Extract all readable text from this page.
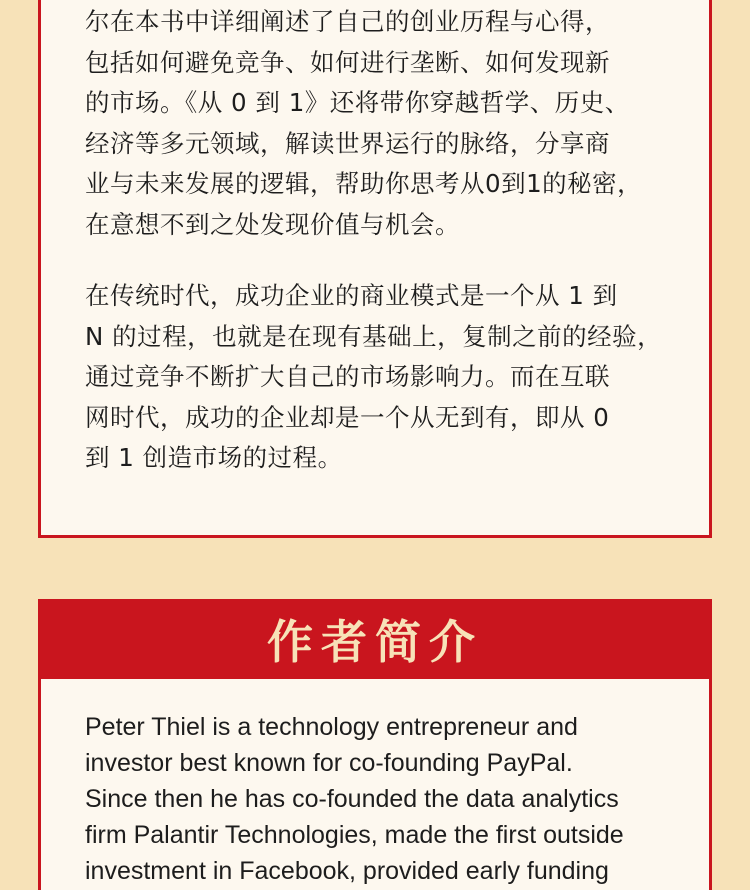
尔在本书中详细阐述了自己的创业历程与心得，
包括如何避免竞争、如何进行垄断、如何发现新
的市场。《从 0 到 1》还将带你穿越哲学、历史、
经济等多元领域，解读世界运行的脉络，分享商
业与未来发展的逻辑，帮助你思考从0到1的秘密，
在意想不到之处发现价值与机会。

在传统时代，成功企业的商业模式是一个从 1 到
N 的过程，也就是在现有基础上，复制之前的经验，
通过竞争不断扩大自己的市场影响力。而在互联
网时代，成功的企业却是一个从无到有，即从 0
到 1 创造市场的过程。

作者简介

Peter Thiel is a technology entrepreneur and
investor best known for co-founding PayPal.
Since then he has co-founded the data analytics
firm Palantir Technologies, made the first outside
investment in Facebook, provided early funding
